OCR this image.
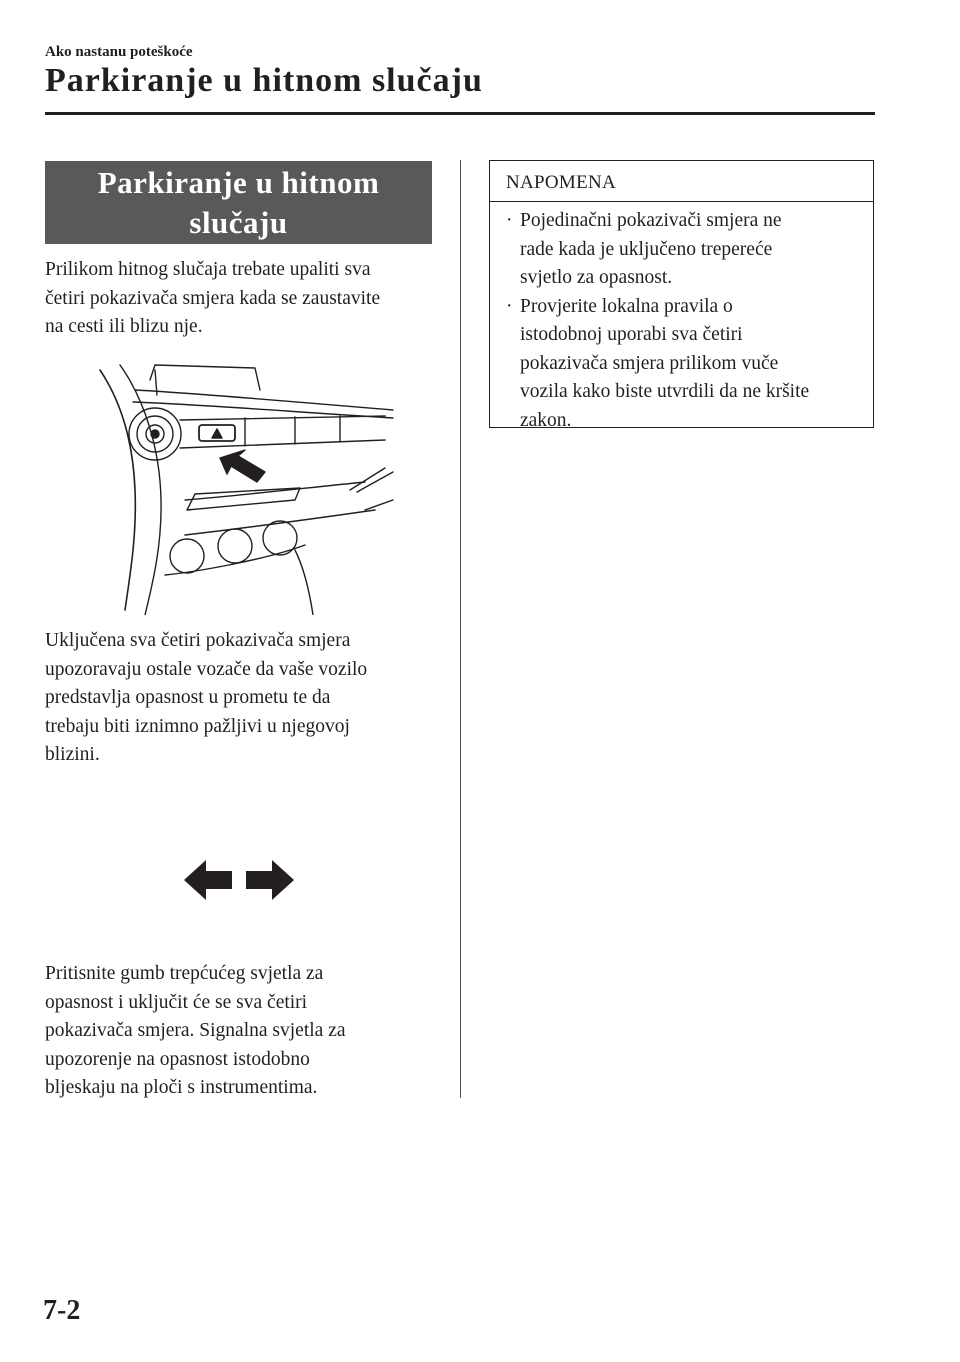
Ako nastanu poteškoće
Parkiranje u hitnom slučaju
Parkiranje u hitnom
slučaju

Prilikom hitnog slučaja trebate upaliti sva

četiri pokazivača smjera kada se zaustavite

na cesti ili blizu nje.

Uključena sva četiri pokazivača smjera

upozoravaju ostale vozače da vaše vozilo

predstavlja opasnost u prometu te da

trebaju biti iznimno pažljivi u njegovoj

blizini.

Pritisnite gumb trepćućeg svjetla za

opasnost i uključit će se sva četiri

pokazivača smjera. Signalna svjetla za

upozorenje na opasnost istodobno

bljeskaju na ploči s instrumentima.

NAPOMENA
· Pojedinačni pokazivači smjera ne
rade kada je uključeno trepereće
svjetlo za opasnost.
· Provjerite lokalna pravila o
istodobnoj uporabi sva četiri
pokazivača smjera prilikom vuče
vozila kako biste utvrdili da ne kršite
zakon.
7-2
